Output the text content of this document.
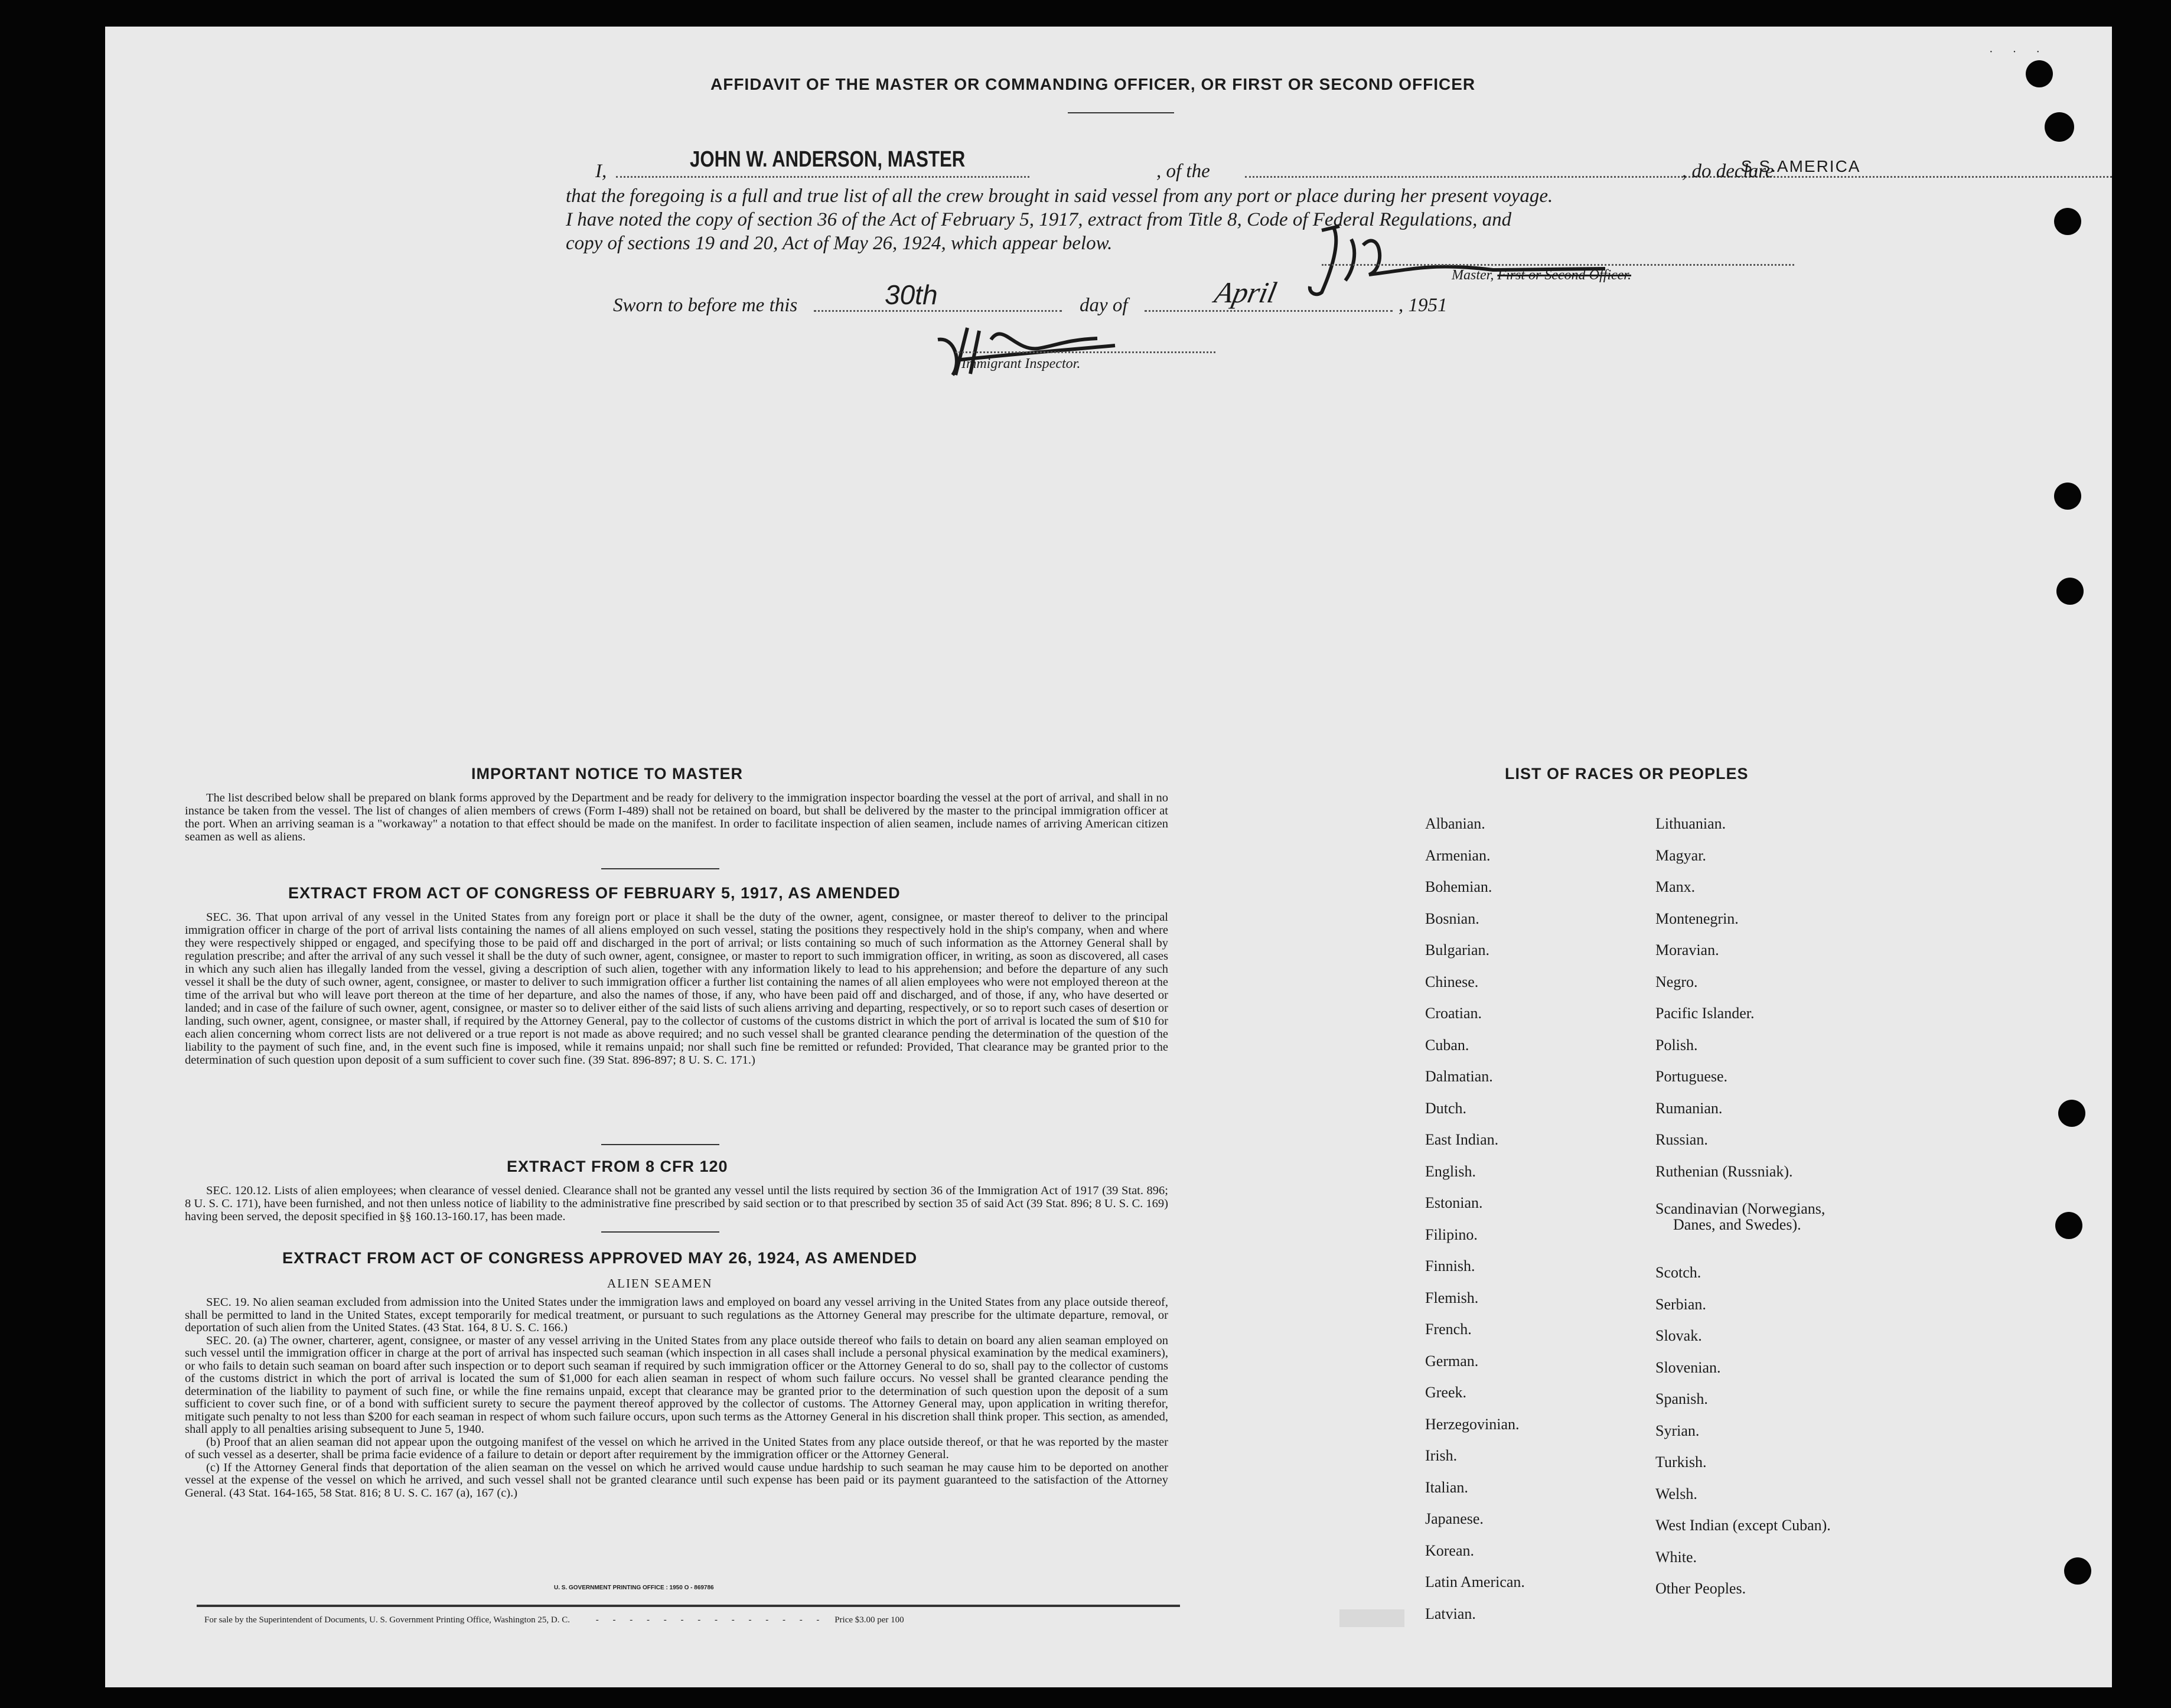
AFFIDAVIT OF THE MASTER OR COMMANDING OFFICER, OR FIRST OR SECOND OFFICER
I,	JOHN W. ANDERSON, MASTER	, of the	S.S.AMERICA
, do declare
that the foregoing is a full and true list of all the crew brought in said vessel from any port or place during her present voyage.
I have noted the copy of section 36 of the Act of February 5, 1917, extract from Title 8, Code of Federal Regulations, and
copy of sections 19 and 20, Act of May 26, 1924, which appear below.
Master, First or Second Officer.
Sworn to before me this	30th	day of	April	, 1951
Immigrant Inspector.
IMPORTANT NOTICE TO MASTER

The list described below shall be prepared on blank forms approved by the Department and be ready for delivery to the immigration inspector boarding the vessel at the port of arrival, and shall in no instance be taken from the vessel. The list of changes of alien members of crews (Form I-489) shall not be retained on board, but shall be delivered by the master to the principal immigration officer at the port. When an arriving seaman is a "workaway" a notation to that effect should be made on the manifest. In order to facilitate inspection of alien seamen, include names of arriving American citizen seamen as well as aliens.

EXTRACT FROM ACT OF CONGRESS OF FEBRUARY 5, 1917, AS AMENDED

SEC. 36. That upon arrival of any vessel in the United States from any foreign port or place it shall be the duty of the owner, agent, consignee, or master thereof to deliver to the principal immigration officer in charge of the port of arrival lists containing the names of all aliens employed on such vessel, stating the positions they respectively hold in the ship's company, when and where they were respectively shipped or engaged, and specifying those to be paid off and discharged in the port of arrival; or lists containing so much of such information as the Attorney General shall by regulation prescribe; and after the arrival of any such vessel it shall be the duty of such owner, agent, consignee, or master to report to such immigration officer, in writing, as soon as discovered, all cases in which any such alien has illegally landed from the vessel, giving a description of such alien, together with any information likely to lead to his apprehension; and before the departure of any such vessel it shall be the duty of such owner, agent, consignee, or master to deliver to such immigration officer a further list containing the names of all alien employees who were not employed thereon at the time of the arrival but who will leave port thereon at the time of her departure, and also the names of those, if any, who have been paid off and discharged, and of those, if any, who have deserted or landed; and in case of the failure of such owner, agent, consignee, or master so to deliver either of the said lists of such aliens arriving and departing, respectively, or so to report such cases of desertion or landing, such owner, agent, consignee, or master shall, if required by the Attorney General, pay to the collector of customs of the customs district in which the port of arrival is located the sum of $10 for each alien concerning whom correct lists are not delivered or a true report is not made as above required; and no such vessel shall be granted clearance pending the determination of the question of the liability to the payment of such fine, and, in the event such fine is imposed, while it remains unpaid; nor shall such fine be remitted or refunded: Provided, That clearance may be granted prior to the determination of such question upon deposit of a sum sufficient to cover such fine. (39 Stat. 896-897; 8 U. S. C. 171.)

EXTRACT FROM 8 CFR 120

SEC. 120.12. Lists of alien employees; when clearance of vessel denied. Clearance shall not be granted any vessel until the lists required by section 36 of the Immigration Act of 1917 (39 Stat. 896; 8 U. S. C. 171), have been furnished, and not then unless notice of liability to the administrative fine prescribed by said section or to that prescribed by section 35 of said Act (39 Stat. 896; 8 U. S. C. 169) having been served, the deposit specified in §§ 160.13-160.17, has been made.

EXTRACT FROM ACT OF CONGRESS APPROVED MAY 26, 1924, AS AMENDED
ALIEN SEAMEN

SEC. 19. No alien seaman excluded from admission into the United States under the immigration laws and employed on board any vessel arriving in the United States from any place outside thereof, shall be permitted to land in the United States, except temporarily for medical treatment, or pursuant to such regulations as the Attorney General may prescribe for the ultimate departure, removal, or deportation of such alien from the United States. (43 Stat. 164, 8 U. S. C. 166.)

SEC. 20. (a) The owner, charterer, agent, consignee, or master of any vessel arriving in the United States from any place outside thereof who fails to detain on board any alien seaman employed on such vessel until the immigration officer in charge at the port of arrival has inspected such seaman (which inspection in all cases shall include a personal physical examination by the medical examiners), or who fails to detain such seaman on board after such inspection or to deport such seaman if required by such immigration officer or the Attorney General to do so, shall pay to the collector of customs of the customs district in which the port of arrival is located the sum of $1,000 for each alien seaman in respect of whom such failure occurs. No vessel shall be granted clearance pending the determination of the liability to payment of such fine, or while the fine remains unpaid, except that clearance may be granted prior to the determination of such question upon the deposit of a sum sufficient to cover such fine, or of a bond with sufficient surety to secure the payment thereof approved by the collector of customs. The Attorney General may, upon application in writing therefor, mitigate such penalty to not less than $200 for each seaman in respect of whom such failure occurs, upon such terms as the Attorney General in his discretion shall think proper. This section, as amended, shall apply to all penalties arising subsequent to June 5, 1940.

(b) Proof that an alien seaman did not appear upon the outgoing manifest of the vessel on which he arrived in the United States from any place outside thereof, or that he was reported by the master of such vessel as a deserter, shall be prima facie evidence of a failure to detain or deport after requirement by the immigration officer or the Attorney General.

(c) If the Attorney General finds that deportation of the alien seaman on the vessel on which he arrived would cause undue hardship to such seaman he may cause him to be deported on another vessel at the expense of the vessel on which he arrived, and such vessel shall not be granted clearance until such expense has been paid or its payment guaranteed to the satisfaction of the Attorney General. (43 Stat. 164-165, 58 Stat. 816; 8 U. S. C. 167 (a), 167 (c).)

U. S. GOVERNMENT PRINTING OFFICE : 1950 O - 869786
For sale by the Superintendent of Documents, U. S. Government Printing Office, Washington 25, D. C.	- - - - - - - - - - - - - - Price $3.00 per 100
LIST OF RACES OR PEOPLES
Albanian.
Armenian.
Bohemian.
Bosnian.
Bulgarian.
Chinese.
Croatian.
Cuban.
Dalmatian.
Dutch.
East Indian.
English.
Estonian.
Filipino.
Finnish.
Flemish.
French.
German.
Greek.
Herzegovinian.
Irish.
Italian.
Japanese.
Korean.
Latin American.
Latvian.
Lithuanian.
Magyar.
Manx.
Montenegrin.
Moravian.
Negro.
Pacific Islander.
Polish.
Portuguese.
Rumanian.
Russian.
Ruthenian (Russniak).
Scandinavian (Norwegians,
Danes, and Swedes).
Scotch.
Serbian.
Slovak.
Slovenian.
Spanish.
Syrian.
Turkish.
Welsh.
West Indian (except Cuban).
White.
Other Peoples.
· · ·
